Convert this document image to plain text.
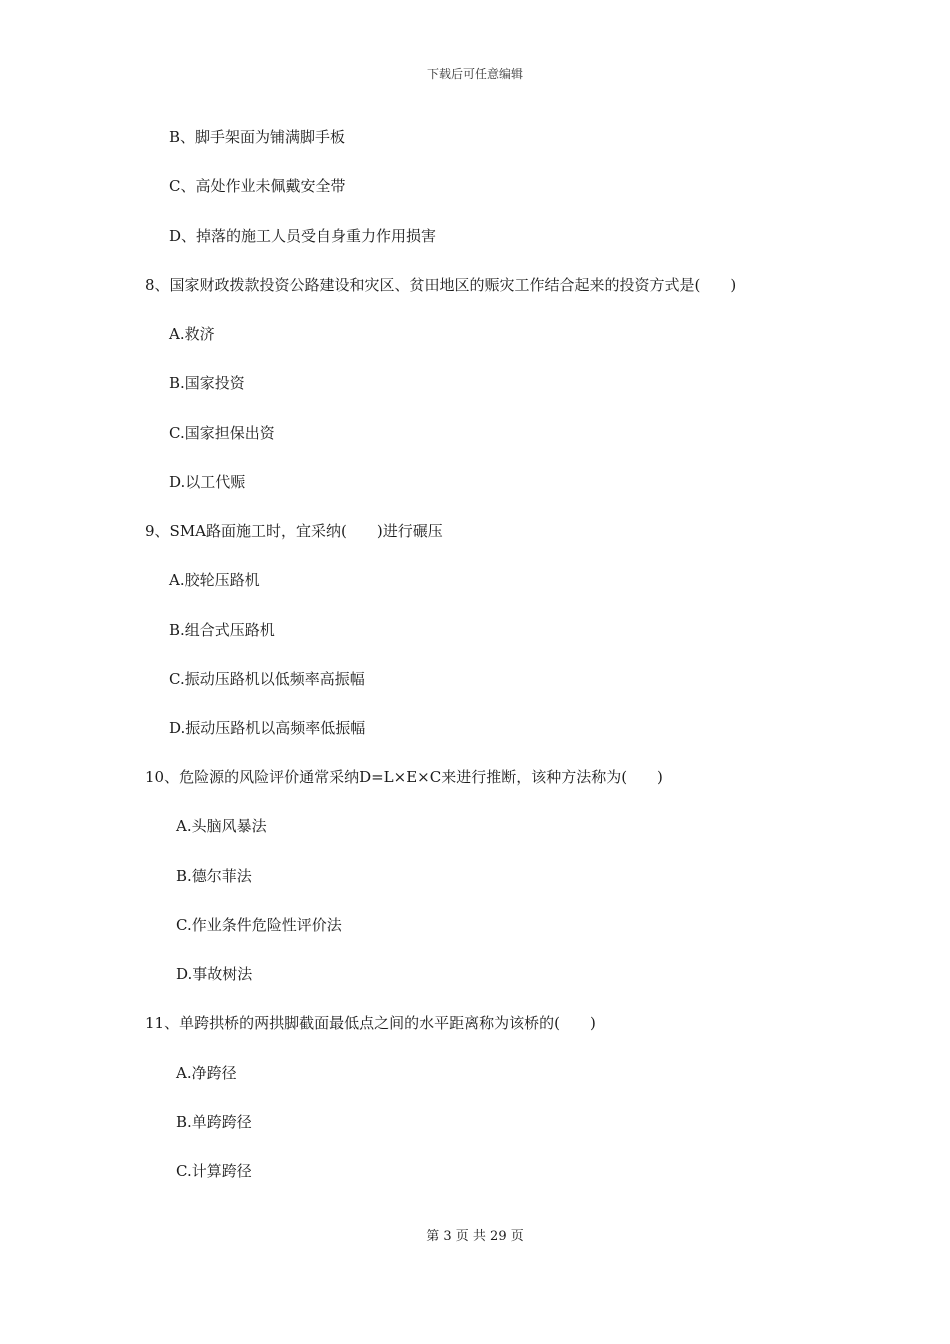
下载后可任意编辑
B、脚手架面为铺满脚手板
C、高处作业未佩戴安全带
D、掉落的施工人员受自身重力作用损害
8、国家财政拨款投资公路建设和灾区、贫田地区的赈灾工作结合起来的投资方式是(　　)
A.救济
B.国家投资
C.国家担保出资
D.以工代赈
9、SMA路面施工时，宜采纳(　　)进行碾压
A.胶轮压路机
B.组合式压路机
C.振动压路机以低频率高振幅
D.振动压路机以高频率低振幅
10、危险源的风险评价通常采纳D=L×E×C来进行推断，该种方法称为(　　)
A.头脑风暴法
B.德尔菲法
C.作业条件危险性评价法
D.事故树法
11、单跨拱桥的两拱脚截面最低点之间的水平距离称为该桥的(　　)
A.净跨径
B.单跨跨径
C.计算跨径
第 3 页 共 29 页
